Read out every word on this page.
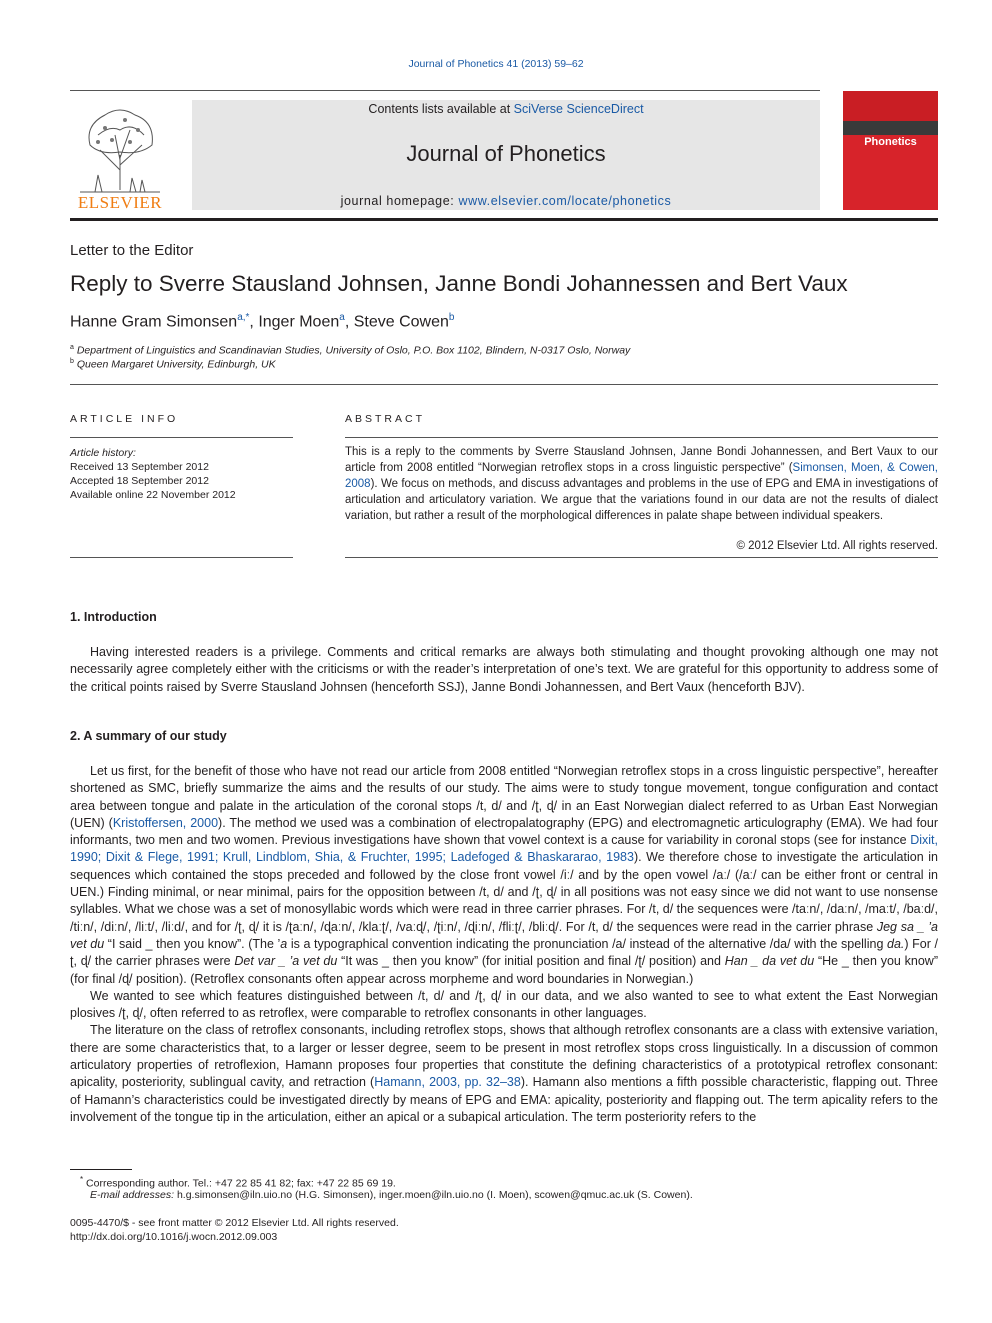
Journal of Phonetics 41 (2013) 59–62
ELSEVIER
Contents lists available at SciVerse ScienceDirect
Journal of Phonetics
journal homepage: www.elsevier.com/locate/phonetics
Phonetics
Letter to the Editor
Reply to Sverre Stausland Johnsen, Janne Bondi Johannessen and Bert Vaux
Hanne Gram Simonsen$^{a,*}$, Inger Moen$^a$, Steve Cowen$^b$
$^a$ Department of Linguistics and Scandinavian Studies, University of Oslo, P.O. Box 1102, Blindern, N-0317 Oslo, Norway
$^b$ Queen Margaret University, Edinburgh, UK
ARTICLE INFO
Article history:
Received 13 September 2012
Accepted 18 September 2012
Available online 22 November 2012
ABSTRACT
This is a reply to the comments by Sverre Stausland Johnsen, Janne Bondi Johannessen, and Bert Vaux to our article from 2008 entitled “Norwegian retroflex stops in a cross linguistic perspective” (Simonsen, Moen, & Cowen, 2008). We focus on methods, and discuss advantages and problems in the use of EPG and EMA in investigations of articulation and articulatory variation. We argue that the variations found in our data are not the results of dialect variation, but rather a result of the morphological differences in palate shape between individual speakers.
© 2012 Elsevier Ltd. All rights reserved.
1. Introduction

Having interested readers is a privilege. Comments and critical remarks are always both stimulating and thought provoking although one may not necessarily agree completely either with the criticisms or with the reader’s interpretation of one’s text. We are grateful for this opportunity to address some of the critical points raised by Sverre Stausland Johnsen (henceforth SSJ), Janne Bondi Johannessen, and Bert Vaux (henceforth BJV).

2. A summary of our study

Let us first, for the benefit of those who have not read our article from 2008 entitled “Norwegian retroflex stops in a cross linguistic perspective”, hereafter shortened as SMC, briefly summarize the aims and the results of our study. The aims were to study tongue movement, tongue configuration and contact area between tongue and palate in the articulation of the coronal stops /t, d/ and /ʈ, ɖ/ in an East Norwegian dialect referred to as Urban East Norwegian (UEN) (Kristoffersen, 2000). The method we used was a combination of electropalatography (EPG) and electromagnetic articulography (EMA). We had four informants, two men and two women. Previous investigations have shown that vowel context is a cause for variability in coronal stops (see for instance Dixit, 1990; Dixit & Flege, 1991; Krull, Lindblom, Shia, & Fruchter, 1995; Ladefoged & Bhaskararao, 1983). We therefore chose to investigate the articulation in sequences which contained the stops preceded and followed by the close front vowel /iː/ and by the open vowel /aː/ (/aː/ can be either front or central in UEN.) Finding minimal, or near minimal, pairs for the opposition between /t, d/ and /ʈ, ɖ/ in all positions was not easy since we did not want to use nonsense syllables. What we chose was a set of monosyllabic words which were read in three carrier phrases. For /t, d/ the sequences were /taːn/, /daːn/, /maːt/, /baːd/, /tiːn/, /diːn/, /liːt/, /liːd/, and for /ʈ, ɖ/ it is /ʈaːn/, /ɖaːn/, /klaːʈ/, /vaːɖ/, /ʈiːn/, /ɖiːn/, /fliːʈ/, /bliːɖ/. For /t, d/ the sequences were read in the carrier phrase Jeg sa _ ’a vet du “I said _ then you know”. (The ’a is a typographical convention indicating the pronunciation /a/ instead of the alternative /da/ with the spelling da.) For /ʈ, ɖ/ the carrier phrases were Det var _ ’a vet du “It was _ then you know” (for initial position and final /ʈ/ position) and Han _ da vet du “He _ then you know” (for final /ɖ/ position). (Retroflex consonants often appear across morpheme and word boundaries in Norwegian.)

We wanted to see which features distinguished between /t, d/ and /ʈ, ɖ/ in our data, and we also wanted to see to what extent the East Norwegian plosives /ʈ, ɖ/, often referred to as retroflex, were comparable to retroflex consonants in other languages.

The literature on the class of retroflex consonants, including retroflex stops, shows that although retroflex consonants are a class with extensive variation, there are some characteristics that, to a larger or lesser degree, seem to be present in most retroflex stops cross linguistically. In a discussion of common articulatory properties of retroflexion, Hamann proposes four properties that constitute the defining characteristics of a prototypical retroflex consonant: apicality, posteriority, sublingual cavity, and retraction (Hamann, 2003, pp. 32–38). Hamann also mentions a fifth possible characteristic, flapping out. Three of Hamann’s characteristics could be investigated directly by means of EPG and EMA: apicality, posteriority and flapping out. The term apicality refers to the involvement of the tongue tip in the articulation, either an apical or a subapical articulation. The term posteriority refers to the

* Corresponding author. Tel.: +47 22 85 41 82; fax: +47 22 85 69 19.
E-mail addresses: h.g.simonsen@iln.uio.no (H.G. Simonsen), inger.moen@iln.uio.no (I. Moen), scowen@qmuc.ac.uk (S. Cowen).
0095-4470/$ - see front matter © 2012 Elsevier Ltd. All rights reserved.
http://dx.doi.org/10.1016/j.wocn.2012.09.003
